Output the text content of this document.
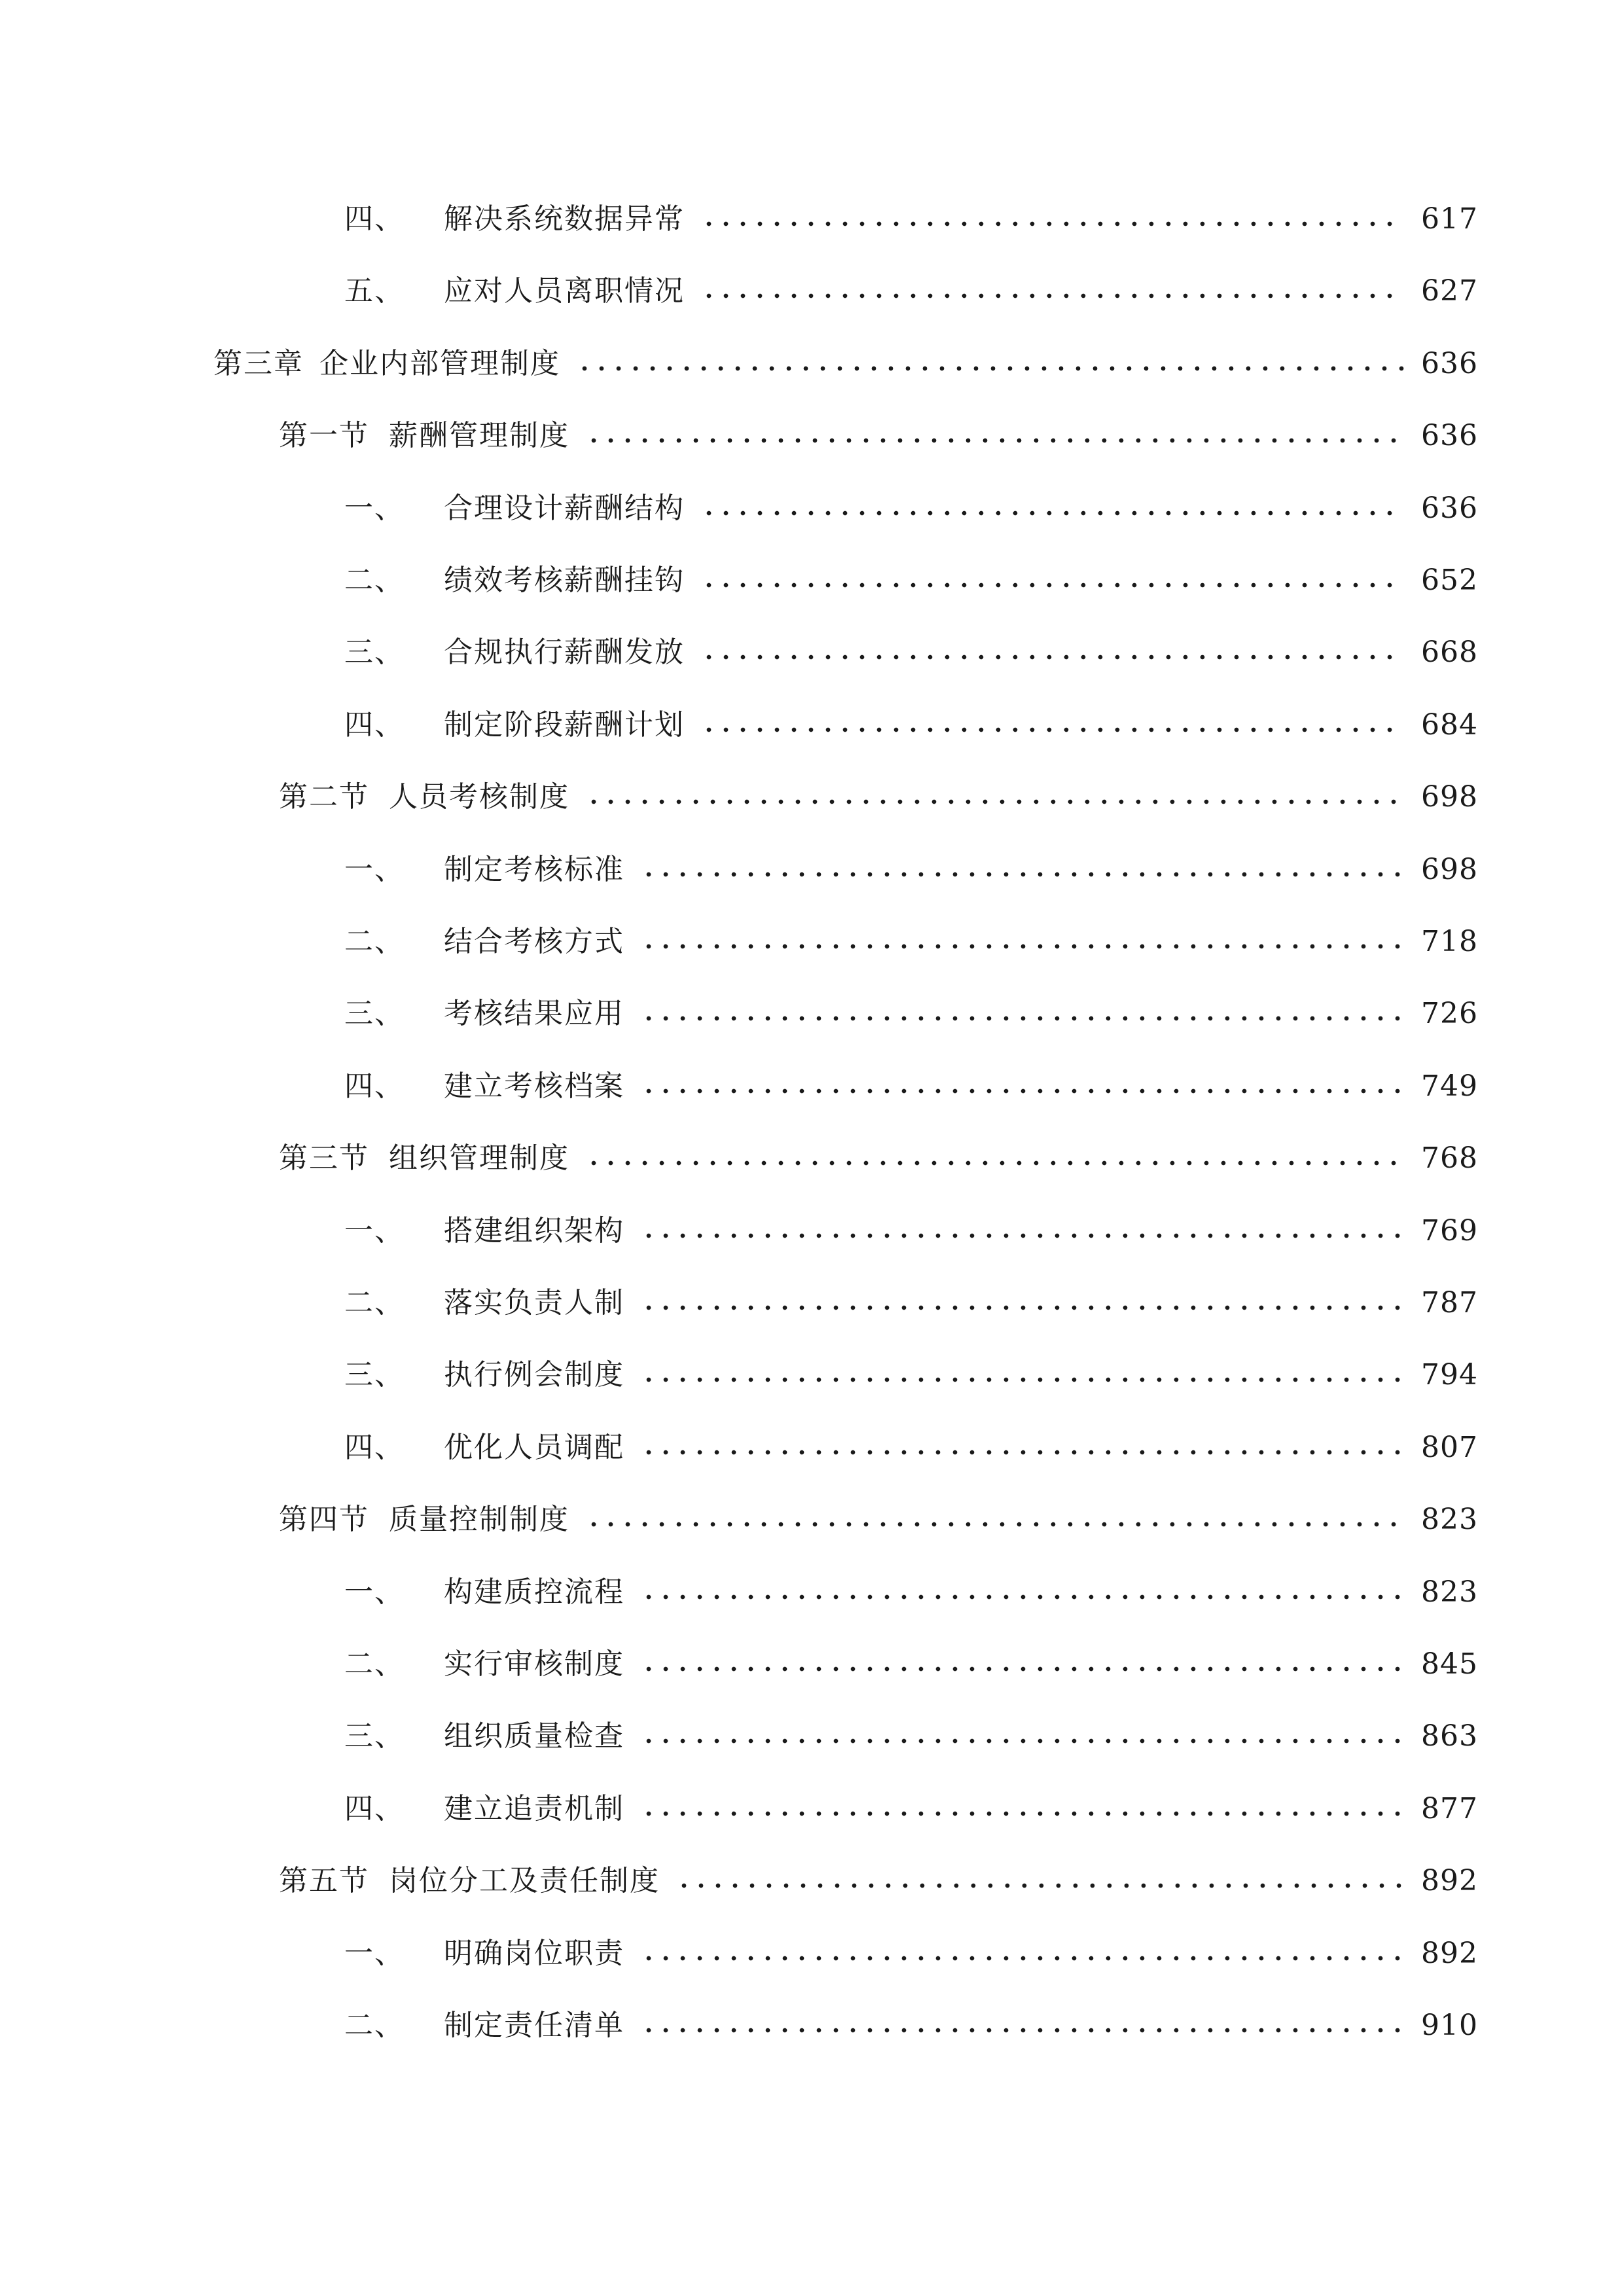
四、 解决系统数据异常	617
五、 应对人员离职情况	627
第三章 企业内部管理制度	636
第一节 薪酬管理制度	636
一、 合理设计薪酬结构	636
二、 绩效考核薪酬挂钩	652
三、 合规执行薪酬发放	668
四、 制定阶段薪酬计划	684
第二节 人员考核制度	698
一、 制定考核标准	698
二、 结合考核方式	718
三、 考核结果应用	726
四、 建立考核档案	749
第三节 组织管理制度	768
一、 搭建组织架构	769
二、 落实负责人制	787
三、 执行例会制度	794
四、 优化人员调配	807
第四节 质量控制制度	823
一、 构建质控流程	823
二、 实行审核制度	845
三、 组织质量检查	863
四、 建立追责机制	877
第五节 岗位分工及责任制度	892
一、 明确岗位职责	892
二、 制定责任清单	910
